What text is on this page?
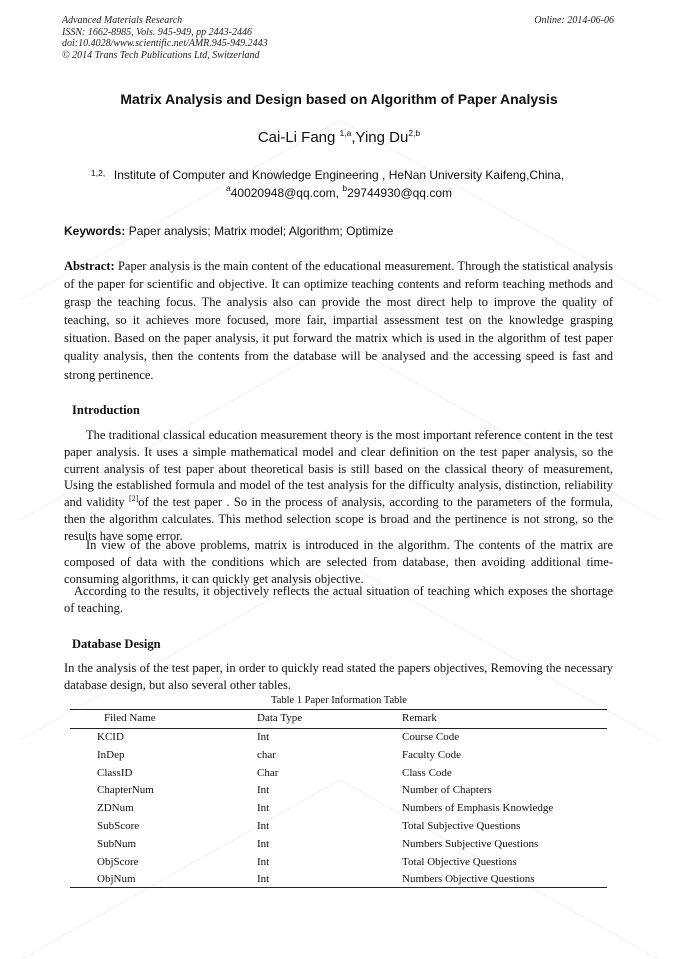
Advanced Materials Research
ISSN: 1662-8985, Vols. 945-949, pp 2443-2446
doi:10.4028/www.scientific.net/AMR.945-949.2443
© 2014 Trans Tech Publications Ltd, Switzerland
Online: 2014-06-06
Matrix Analysis and Design based on Algorithm of Paper Analysis
Cai-Li Fang $^{1,a}$,Ying Du$^{2,b}$
1,2, Institute of Computer and Knowledge Engineering , HeNan University Kaifeng,China,
$^a$40020948@qq.com, $^b$29744930@qq.com
Keywords: Paper analysis; Matrix model; Algorithm; Optimize
Abstract: Paper analysis is the main content of the educational measurement. Through the statistical analysis of the paper for scientific and objective. It can optimize teaching contents and reform teaching methods and grasp the teaching focus. The analysis also can provide the most direct help to improve the quality of teaching, so it achieves more focused, more fair, impartial assessment test on the knowledge grasping situation. Based on the paper analysis, it put forward the matrix which is used in the algorithm of test paper quality analysis, then the contents from the database will be analysed and the accessing speed is fast and strong pertinence.
Introduction
The traditional classical education measurement theory is the most important reference content in the test paper analysis. It uses a simple mathematical model and clear definition on the test paper analysis, so the current analysis of test paper about theoretical basis is still based on the classical theory of measurement, Using the established formula and model of the test analysis for the difficulty analysis, distinction, reliability and validity [2]of the test paper . So in the process of analysis, according to the parameters of the formula, then the algorithm calculates. This method selection scope is broad and the pertinence is not strong, so the results have some error.
In view of the above problems, matrix is introduced in the algorithm. The contents of the matrix are composed of data with the conditions which are selected from database, then avoiding additional time-consuming algorithms, it can quickly get analysis objective.
According to the results, it objectively reflects the actual situation of teaching which exposes the shortage of teaching.
Database Design
In the analysis of the test paper, in order to quickly read stated the papers objectives, Removing the necessary database design, but also several other tables.
Table 1 Paper Information Table
Filed Name	Data Type	Remark
KCID	Int	Course Code
InDep	char	Faculty Code
ClassID	Char	Class Code
ChapterNum	Int	Number of Chapters
ZDNum	Int	Numbers of Emphasis Knowledge
SubScore	Int	Total Subjective Questions
SubNum	Int	Numbers Subjective Questions
ObjScore	Int	Total Objective Questions
ObjNum	Int	Numbers Objective Questions
